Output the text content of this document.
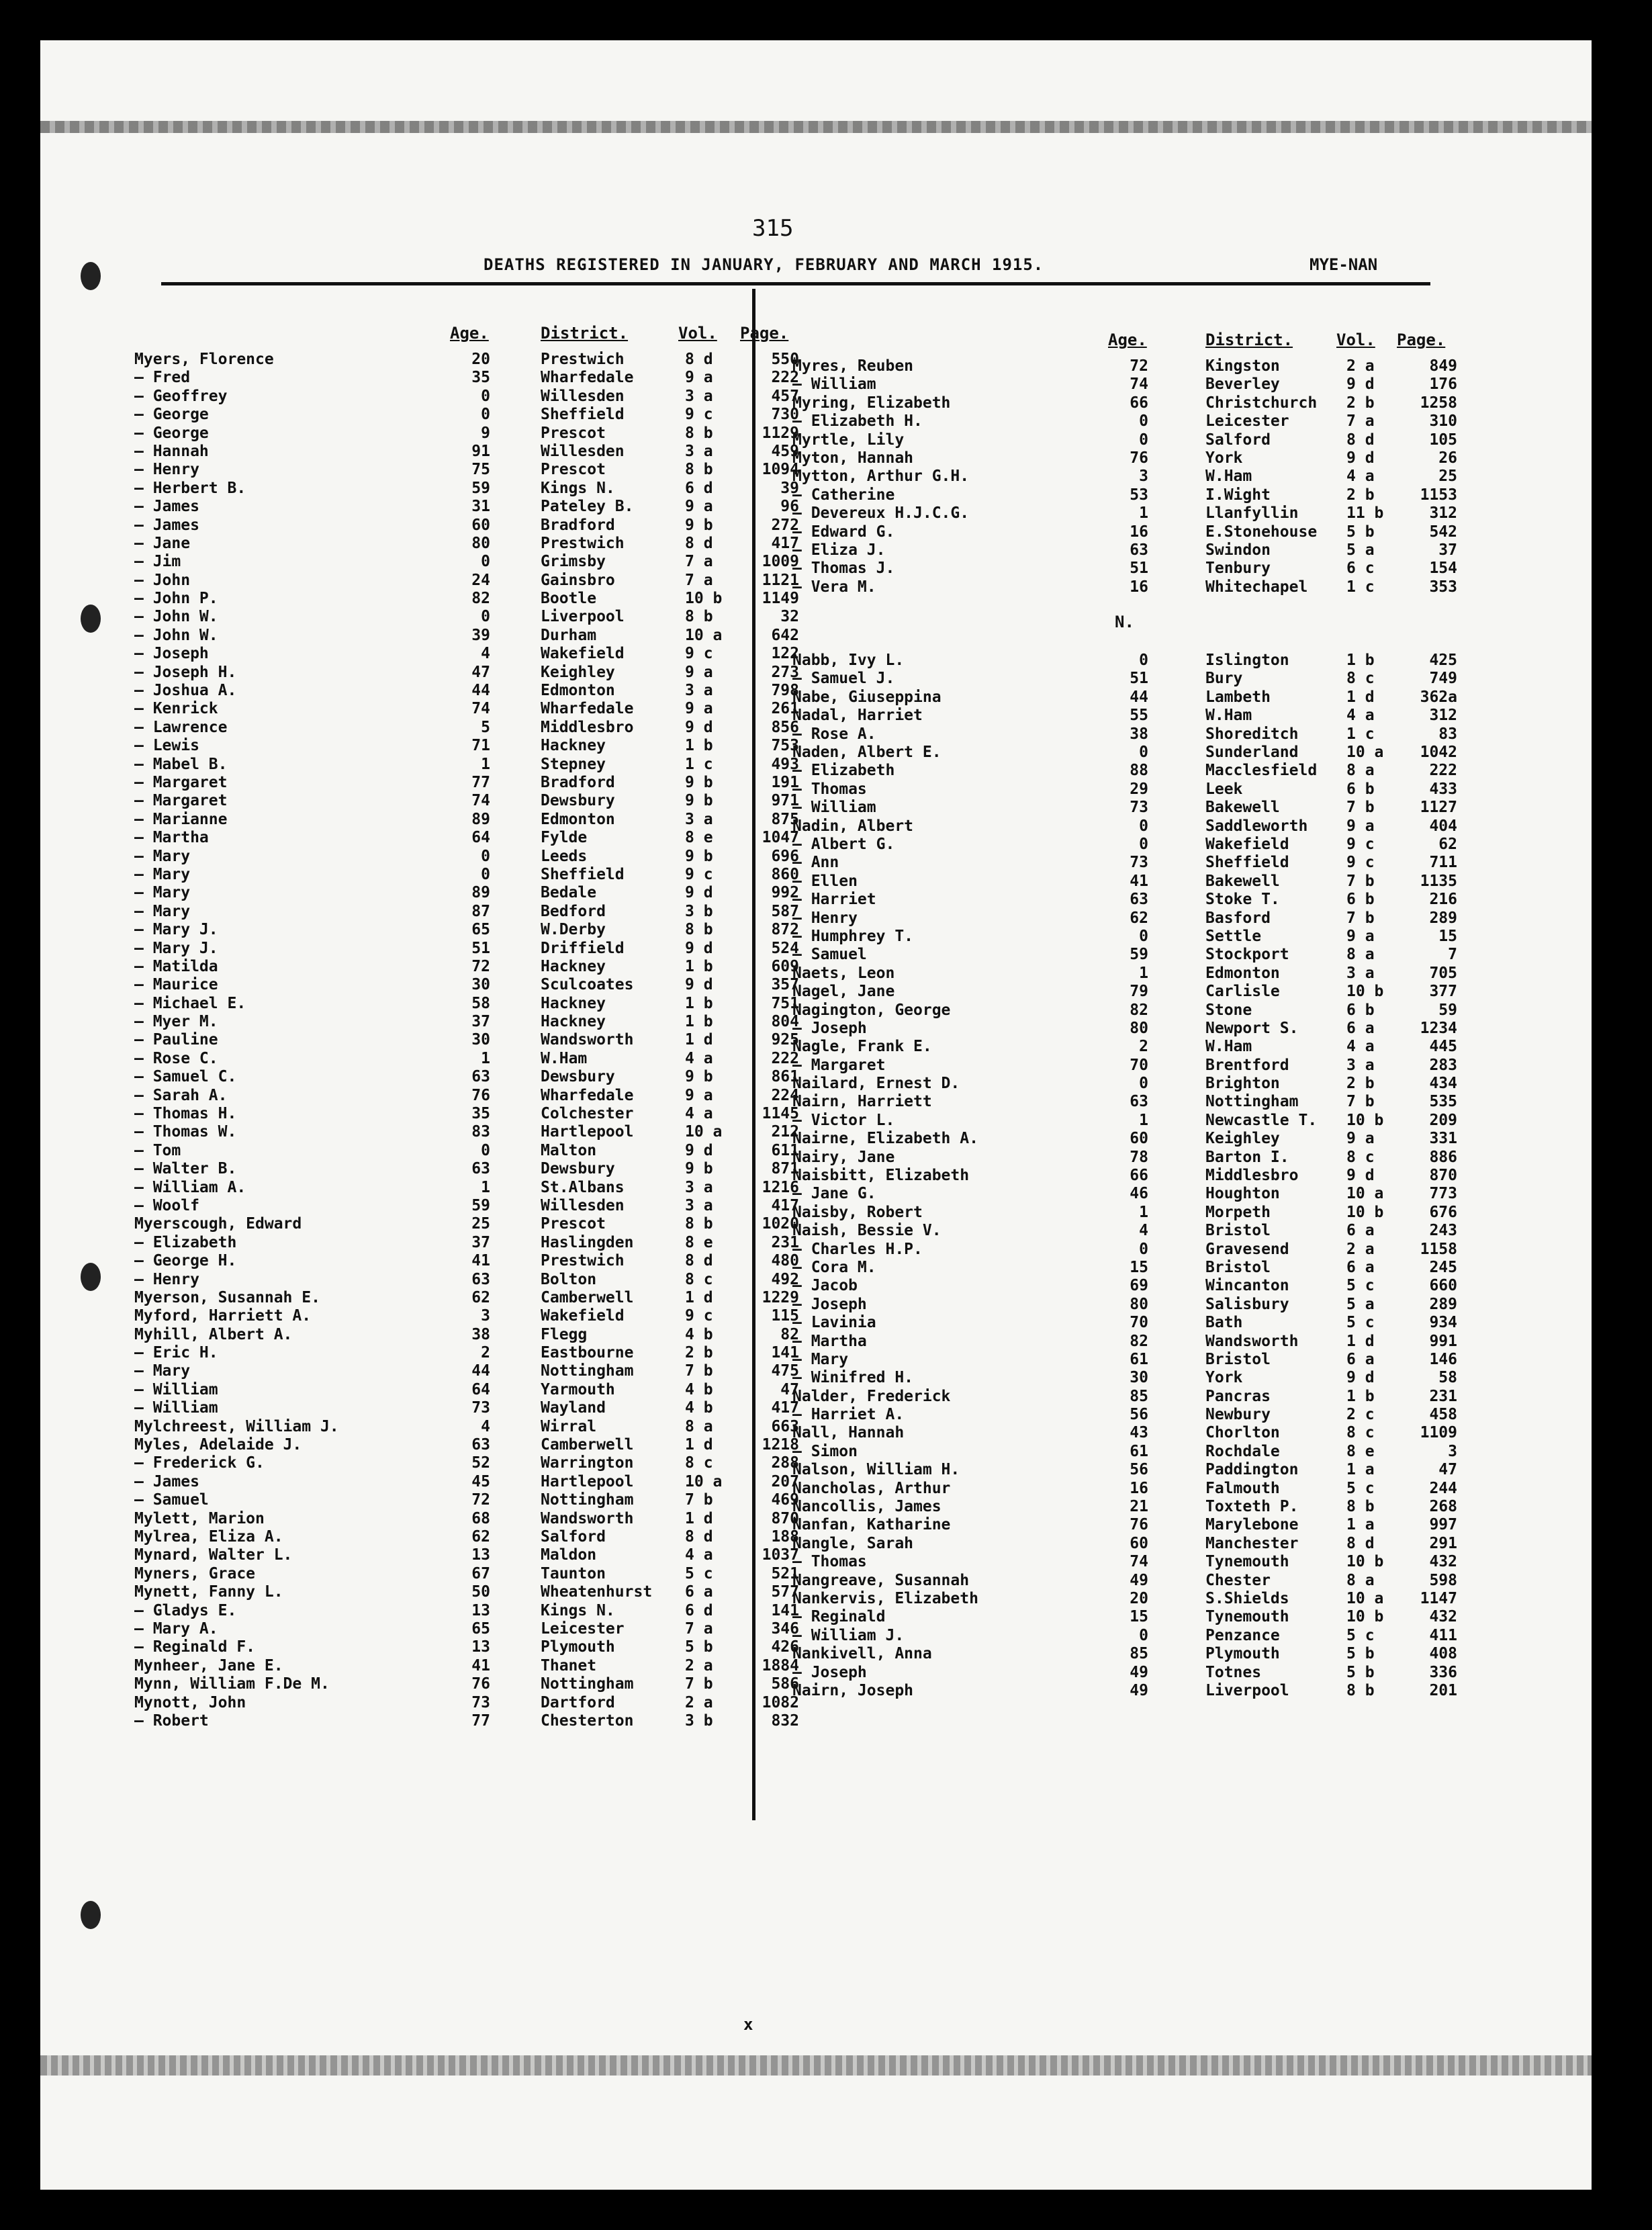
315
DEATHS REGISTERED IN JANUARY, FEBRUARY AND MARCH 1915.	MYE-NAN
Age.	District.	Vol. Page.
Myers, Florence	20	Prestwich	8 d	550
— Fred	35	Wharfedale	9 a	222
— Geoffrey	0	Willesden	3 a	457
— George	0	Sheffield	9 c	730
— George	9	Prescot	8 b	1129
— Hannah	91	Willesden	3 a	459
— Henry	75	Prescot	8 b	1094
— Herbert B.	59	Kings N.	6 d	39
— James	31	Pateley B.	9 a	96
— James	60	Bradford	9 b	272
— Jane	80	Prestwich	8 d	417
— Jim	0	Grimsby	7 a	1009
— John	24	Gainsbro	7 a	1121
— John P.	82	Bootle	10 b	1149
— John W.	0	Liverpool	8 b	32
— John W.	39	Durham	10 a	642
— Joseph	4	Wakefield	9 c	122
— Joseph H.	47	Keighley	9 a	273
— Joshua A.	44	Edmonton	3 a	798
— Kenrick	74	Wharfedale	9 a	261
— Lawrence	5	Middlesbro	9 d	856
— Lewis	71	Hackney	1 b	753
— Mabel B.	1	Stepney	1 c	493
— Margaret	77	Bradford	9 b	191
— Margaret	74	Dewsbury	9 b	971
— Marianne	89	Edmonton	3 a	875
— Martha	64	Fylde	8 e	1047
— Mary	0	Leeds	9 b	696
— Mary	0	Sheffield	9 c	860
— Mary	89	Bedale	9 d	992
— Mary	87	Bedford	3 b	587
— Mary J.	65	W.Derby	8 b	872
— Mary J.	51	Driffield	9 d	524
— Matilda	72	Hackney	1 b	609
— Maurice	30	Sculcoates	9 d	357
— Michael E.	58	Hackney	1 b	751
— Myer M.	37	Hackney	1 b	804
— Pauline	30	Wandsworth	1 d	925
— Rose C.	1	W.Ham	4 a	222
— Samuel C.	63	Dewsbury	9 b	861
— Sarah A.	76	Wharfedale	9 a	224
— Thomas H.	35	Colchester	4 a	1145
— Thomas W.	83	Hartlepool	10 a	212
— Tom	0	Malton	9 d	611
— Walter B.	63	Dewsbury	9 b	871
— William A.	1	St.Albans	3 a	1216
— Woolf	59	Willesden	3 a	417
Myerscough, Edward	25	Prescot	8 b	1020
— Elizabeth	37	Haslingden	8 e	231
— George H.	41	Prestwich	8 d	480
— Henry	63	Bolton	8 c	492
Myerson, Susannah E.	62	Camberwell	1 d	1229
Myford, Harriett A.	3	Wakefield	9 c	115
Myhill, Albert A.	38	Flegg	4 b	82
— Eric H.	2	Eastbourne	2 b	141
— Mary	44	Nottingham	7 b	475
— William	64	Yarmouth	4 b	47
— William	73	Wayland	4 b	417
Mylchreest, William J.	4	Wirral	8 a	663
Myles, Adelaide J.	63	Camberwell	1 d	1218
— Frederick G.	52	Warrington	8 c	288
— James	45	Hartlepool	10 a	207
— Samuel	72	Nottingham	7 b	469
Mylett, Marion	68	Wandsworth	1 d	870
Mylrea, Eliza A.	62	Salford	8 d	188
Mynard, Walter L.	13	Maldon	4 a	1037
Myners, Grace	67	Taunton	5 c	521
Mynett, Fanny L.	50	Wheatenhurst 6 a	577
— Gladys E.	13	Kings N.	6 d	141
— Mary A.	65	Leicester	7 a	346
— Reginald F.	13	Plymouth	5 b	426
Mynheer, Jane E.	41	Thanet	2 a	1884
Mynn, William F.De M.	76	Nottingham	7 b	586
Mynott, John	73	Dartford	2 a	1082
— Robert	77	Chesterton	3 b	832
Age.	District.	Vol. Page.
Myres, Reuben	72	Kingston	2 a	849
— William	74	Beverley	9 d	176
Myring, Elizabeth	66	Christchurch 2 b	1258
— Elizabeth H.	0	Leicester	7 a	310
Myrtle, Lily	0	Salford	8 d	105
Myton, Hannah	76	York	9 d	26
Mytton, Arthur G.H.	3	W.Ham	4 a	25
— Catherine	53	I.Wight	2 b	1153
— Devereux H.J.C.G.	1	Llanfyllin	11 b	312
— Edward G.	16	E.Stonehouse 5 b	542
— Eliza J.	63	Swindon	5 a	37
— Thomas J.	51	Tenbury	6 c	154
— Vera M.	16	Whitechapel	1 c	353
N.
Nabb, Ivy L.	0	Islington	1 b	425
— Samuel J.	51	Bury	8 c	749
Nabe, Giuseppina	44	Lambeth	1 d	362a
Nadal, Harriet	55	W.Ham	4 a	312
— Rose A.	38	Shoreditch	1 c	83
Naden, Albert E.	0	Sunderland	10 a	1042
— Elizabeth	88	Macclesfield 8 a	222
— Thomas	29	Leek	6 b	433
— William	73	Bakewell	7 b	1127
Nadin, Albert	0	Saddleworth	9 a	404
— Albert G.	0	Wakefield	9 c	62
— Ann	73	Sheffield	9 c	711
— Ellen	41	Bakewell	7 b	1135
— Harriet	63	Stoke T.	6 b	216
— Henry	62	Basford	7 b	289
— Humphrey T.	0	Settle	9 a	15
— Samuel	59	Stockport	8 a	7
Naets, Leon	1	Edmonton	3 a	705
Nagel, Jane	79	Carlisle	10 b	377
Nagington, George	82	Stone	6 b	59
— Joseph	80	Newport S.	6 a	1234
Nagle, Frank E.	2	W.Ham	4 a	445
— Margaret	70	Brentford	3 a	283
Nailard, Ernest D.	0	Brighton	2 b	434
Nairn, Harriett	63	Nottingham	7 b	535
— Victor L.	1	Newcastle T. 10 b	209
Nairne, Elizabeth A.	60	Keighley	9 a	331
Nairy, Jane	78	Barton I.	8 c	886
Naisbitt, Elizabeth	66	Middlesbro	9 d	870
— Jane G.	46	Houghton	10 a	773
Naisby, Robert	1	Morpeth	10 b	676
Naish, Bessie V.	4	Bristol	6 a	243
— Charles H.P.	0	Gravesend	2 a	1158
— Cora M.	15	Bristol	6 a	245
— Jacob	69	Wincanton	5 c	660
— Joseph	80	Salisbury	5 a	289
— Lavinia	70	Bath	5 c	934
— Martha	82	Wandsworth	1 d	991
— Mary	61	Bristol	6 a	146
— Winifred H.	30	York	9 d	58
Nalder, Frederick	85	Pancras	1 b	231
— Harriet A.	56	Newbury	2 c	458
Nall, Hannah	43	Chorlton	8 c	1109
— Simon	61	Rochdale	8 e	3
Nalson, William H.	56	Paddington	1 a	47
Nancholas, Arthur	16	Falmouth	5 c	244
Nancollis, James	21	Toxteth P.	8 b	268
Nanfan, Katharine	76	Marylebone	1 a	997
Nangle, Sarah	60	Manchester	8 d	291
— Thomas	74	Tynemouth	10 b	432
Nangreave, Susannah	49	Chester	8 a	598
Nankervis, Elizabeth	20	S.Shields	10 a	1147
— Reginald	15	Tynemouth	10 b	432
— William J.	0	Penzance	5 c	411
Nankivell, Anna	85	Plymouth	5 b	408
— Joseph	49	Totnes	5 b	336
Nairn, Joseph	49	Liverpool	8 b	201
x
